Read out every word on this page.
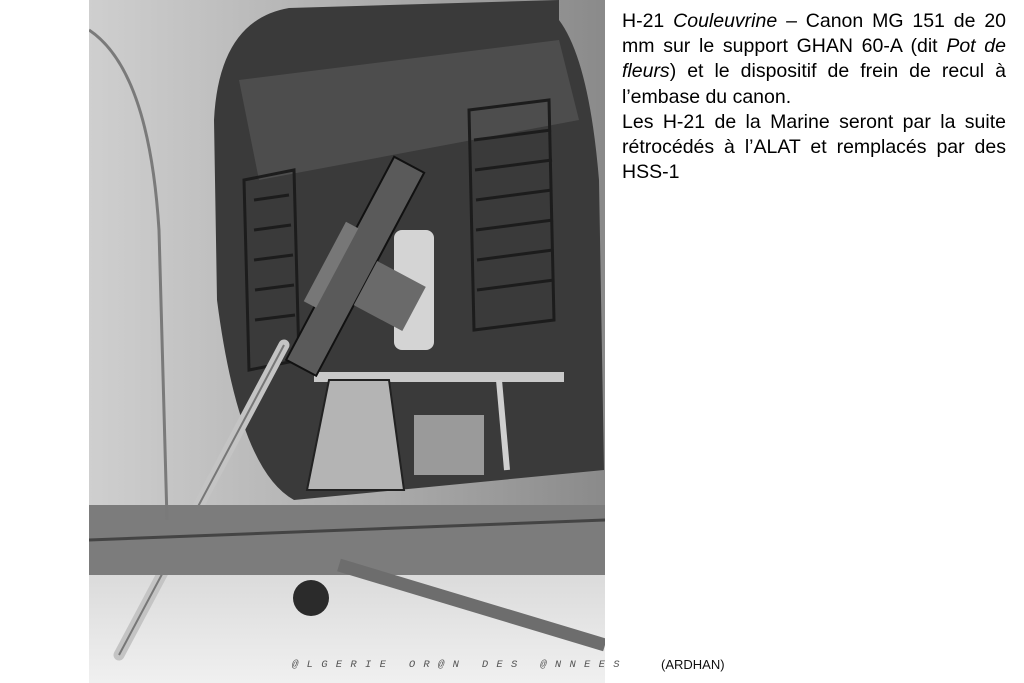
H-21 Couleuvrine – Canon MG 151 de 20 mm sur le support GHAN 60-A (dit Pot de fleurs) et le dispositif de frein de recul à l’embase du canon.

Les H-21 de la Marine seront par la suite rétrocédés à l’ALAT et remplacés par des HSS-1

@ L G E R I E   O R @ N   D E S   @ N N E E S	(ARDHAN)
